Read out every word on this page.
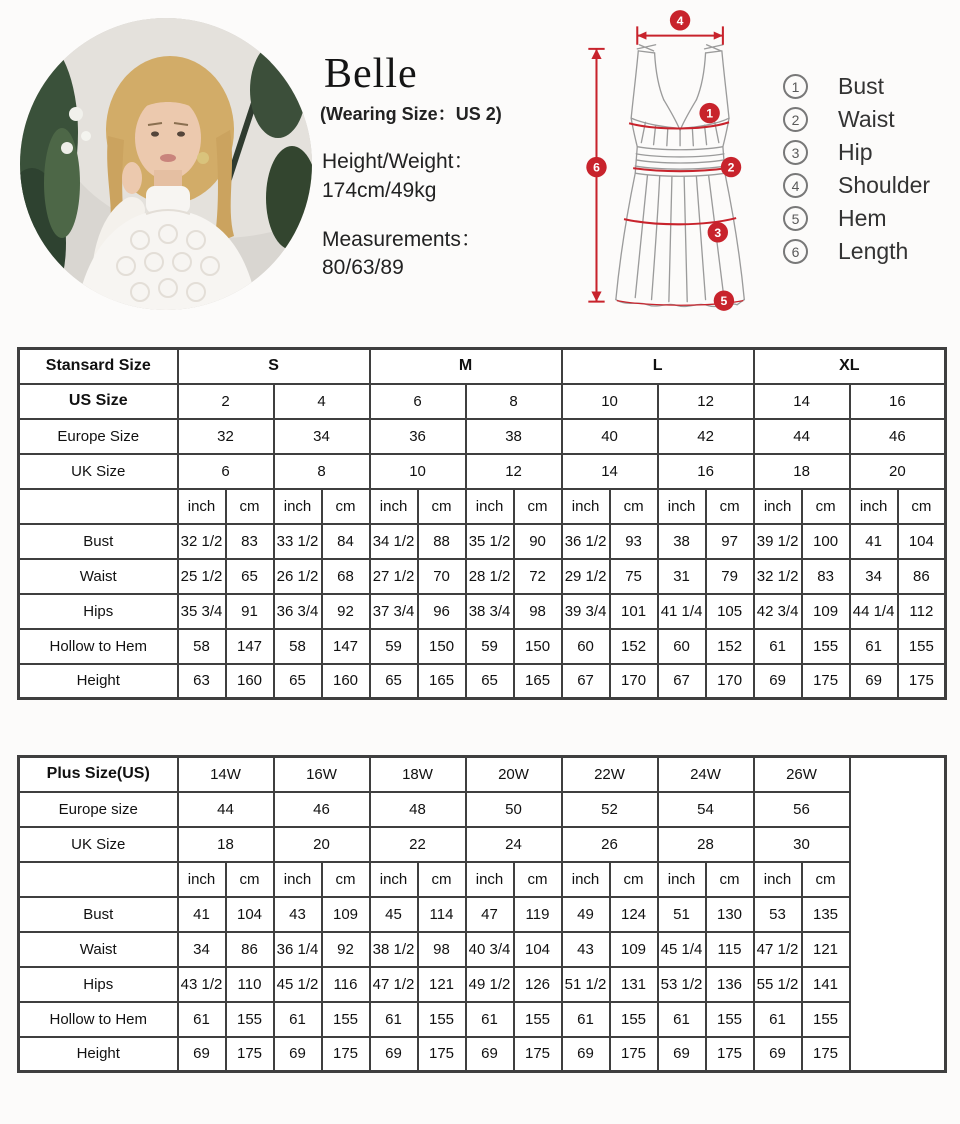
Belle
(Wearing Size：US 2)
Height/Weight：
174cm/49kg
Measurements：
80/63/89
4
1
2
3
5
6
1	Bust
2	Waist
3	Hip
4	Shoulder
5	Hem
6	Length
Stansard Size	S				M				L				XL			
US Size	2		4		6		8		10		12		14		16	
Europe Size	32		34		36		38		40		42		44		46	
UK Size	6		8		10		12		14		16		18		20	
	inch	cm	inch	cm	inch	cm	inch	cm	inch	cm	inch	cm	inch	cm	inch	cm
Bust	32 1/2	83	33 1/2	84	34 1/2	88	35 1/2	90	36 1/2	93	38	97	39 1/2	100	41	104
Waist	25 1/2	65	26 1/2	68	27 1/2	70	28 1/2	72	29 1/2	75	31	79	32 1/2	83	34	86
Hips	35 3/4	91	36 3/4	92	37 3/4	96	38 3/4	98	39 3/4	101	41 1/4	105	42 3/4	109	44 1/4	112
Hollow to Hem	58	147	58	147	59	150	59	150	60	152	60	152	61	155	61	155
Height	63	160	65	160	65	165	65	165	67	170	67	170	69	175	69	175
Plus Size(US)	14W		16W		18W		20W		22W		24W		26W		
Europe size	44		46		48		50		52		54		56		
UK Size	18		20		22		24		26		28		30		
	inch	cm	inch	cm	inch	cm	inch	cm	inch	cm	inch	cm	inch	cm	
Bust	41	104	43	109	45	114	47	119	49	124	51	130	53	135	
Waist	34	86	36 1/4	92	38 1/2	98	40 3/4	104	43	109	45 1/4	115	47 1/2	121	
Hips	43 1/2	110	45 1/2	116	47 1/2	121	49 1/2	126	51 1/2	131	53 1/2	136	55 1/2	141	
Hollow to Hem	61	155	61	155	61	155	61	155	61	155	61	155	61	155	
Height	69	175	69	175	69	175	69	175	69	175	69	175	69	175	
